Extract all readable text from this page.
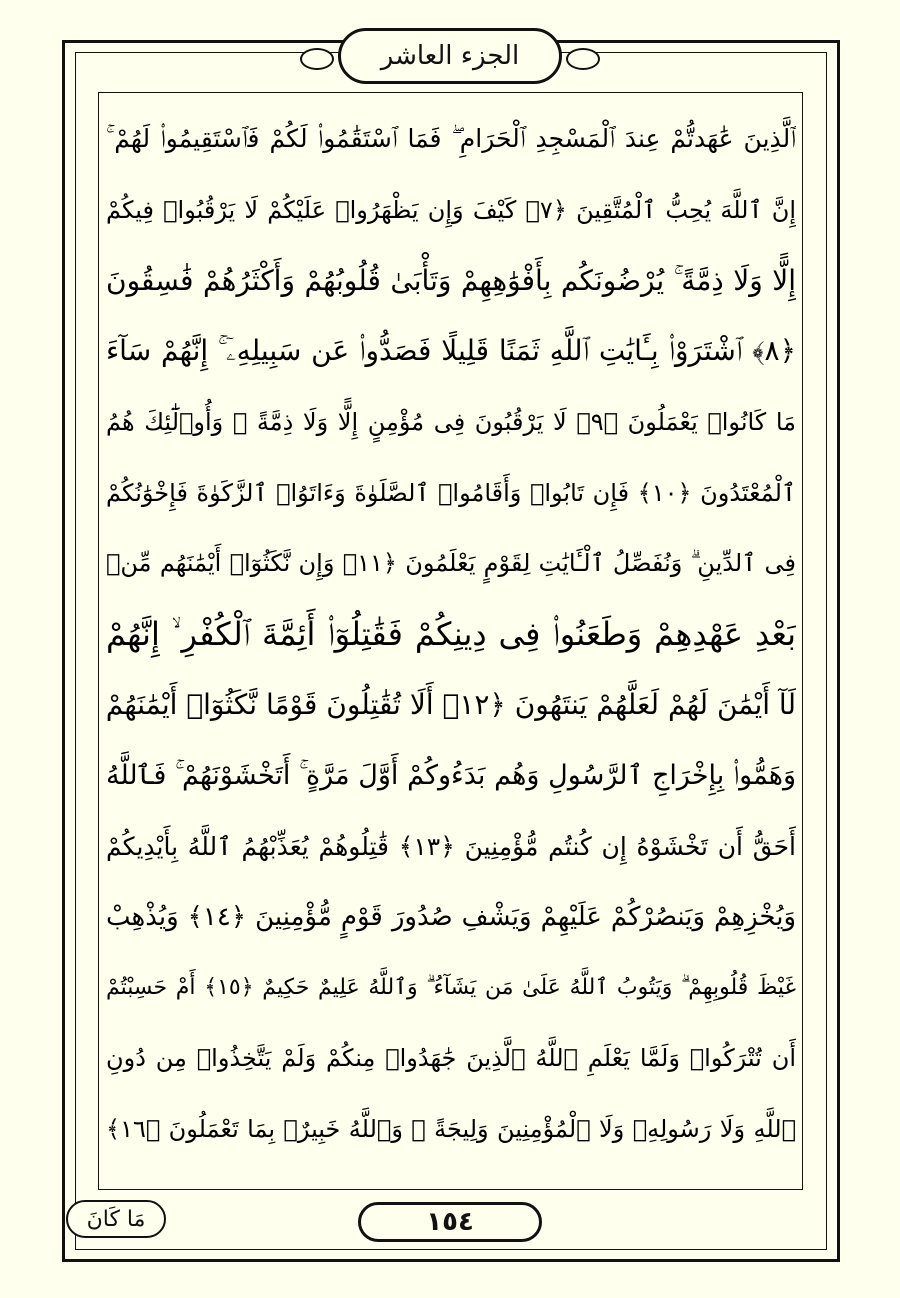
الجزء العاشر
ٱلَّذِينَ عَٰهَدتُّمْ عِندَ ٱلْمَسْجِدِ ٱلْحَرَامِ ۖ فَمَا ٱسْتَقَٰمُوا۟ لَكُمْ فَٱسْتَقِيمُوا۟ لَهُمْ ۚ
إِنَّ ٱللَّهَ يُحِبُّ ٱلْمُتَّقِينَ ﴿٧﴾ كَيْفَ وَإِن يَظْهَرُوا۟ عَلَيْكُمْ لَا يَرْقُبُوا۟ فِيكُمْ
إِلًّا وَلَا ذِمَّةً ۚ يُرْضُونَكُم بِأَفْوَٰهِهِمْ وَتَأْبَىٰ قُلُوبُهُمْ وَأَكْثَرُهُمْ فَٰسِقُونَ
﴿٨﴾ ٱشْتَرَوْا۟ بِـَٔايَٰتِ ٱللَّهِ ثَمَنًا قَلِيلًا فَصَدُّوا۟ عَن سَبِيلِهِۦٓ ۚ إِنَّهُمْ سَآءَ
مَا كَانُوا۟ يَعْمَلُونَ ﴿٩﴾ لَا يَرْقُبُونَ فِى مُؤْمِنٍ إِلًّا وَلَا ذِمَّةً ۚ وَأُو۟لَٰٓئِكَ هُمُ
ٱلْمُعْتَدُونَ ﴿١٠﴾ فَإِن تَابُوا۟ وَأَقَامُوا۟ ٱلصَّلَوٰةَ وَءَاتَوُا۟ ٱلزَّكَوٰةَ فَإِخْوَٰنُكُمْ
فِى ٱلدِّينِ ۗ وَنُفَصِّلُ ٱلْـَٔايَٰتِ لِقَوْمٍ يَعْلَمُونَ ﴿١١﴾ وَإِن نَّكَثُوٓا۟ أَيْمَٰنَهُم مِّنۢ
بَعْدِ عَهْدِهِمْ وَطَعَنُوا۟ فِى دِينِكُمْ فَقَٰتِلُوٓا۟ أَئِمَّةَ ٱلْكُفْرِ ۙ إِنَّهُمْ
لَآ أَيْمَٰنَ لَهُمْ لَعَلَّهُمْ يَنتَهُونَ ﴿١٢﴾ أَلَا تُقَٰتِلُونَ قَوْمًا نَّكَثُوٓا۟ أَيْمَٰنَهُمْ
وَهَمُّوا۟ بِإِخْرَاجِ ٱلرَّسُولِ وَهُم بَدَءُوكُمْ أَوَّلَ مَرَّةٍ ۚ أَتَخْشَوْنَهُمْ ۚ فَٱللَّهُ
أَحَقُّ أَن تَخْشَوْهُ إِن كُنتُم مُّؤْمِنِينَ ﴿١٣﴾ قَٰتِلُوهُمْ يُعَذِّبْهُمُ ٱللَّهُ بِأَيْدِيكُمْ
وَيُخْزِهِمْ وَيَنصُرْكُمْ عَلَيْهِمْ وَيَشْفِ صُدُورَ قَوْمٍ مُّؤْمِنِينَ ﴿١٤﴾ وَيُذْهِبْ
غَيْظَ قُلُوبِهِمْ ۗ وَيَتُوبُ ٱللَّهُ عَلَىٰ مَن يَشَآءُ ۗ وَٱللَّهُ عَلِيمٌ حَكِيمٌ ﴿١٥﴾ أَمْ حَسِبْتُمْ
أَن تُتْرَكُوا۟ وَلَمَّا يَعْلَمِ ٱللَّهُ ٱلَّذِينَ جَٰهَدُوا۟ مِنكُمْ وَلَمْ يَتَّخِذُوا۟ مِن دُونِ
ٱللَّهِ وَلَا رَسُولِهِۦ وَلَا ٱلْمُؤْمِنِينَ وَلِيجَةً ۚ وَٱللَّهُ خَبِيرٌۢ بِمَا تَعْمَلُونَ ﴿١٦﴾
مَا كَانَ	١٥٤
